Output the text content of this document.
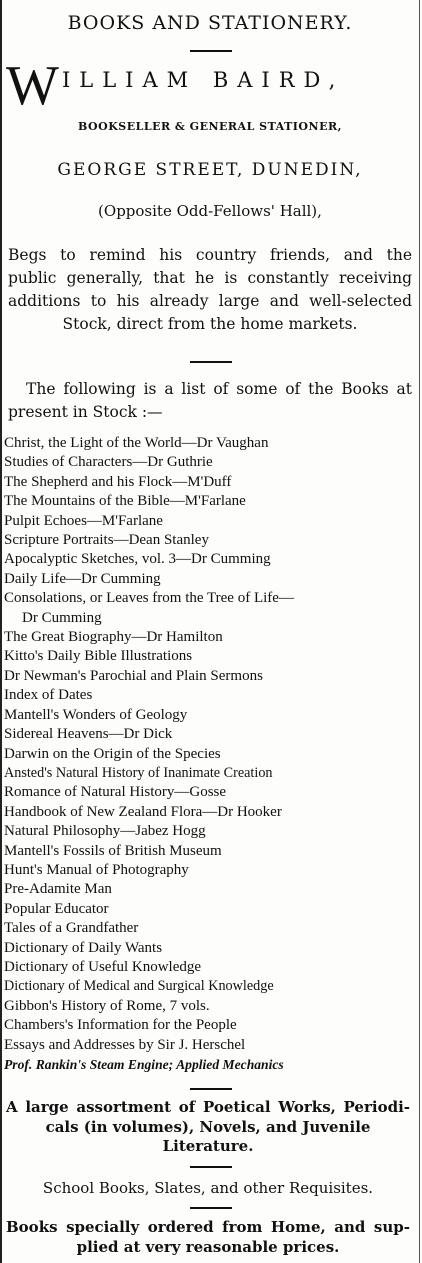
BOOKS AND STATIONERY.
W ILLIAM BAIRD,
BOOKSELLER & GENERAL STATIONER,
GEORGE STREET, DUNEDIN,
(Opposite Odd-Fellows' Hall),
Begs to remind his country friends, and the
public generally, that he is constantly receiving
additions to his already large and well-selected
Stock, direct from the home markets.
The following is a list of some of the Books at
present in Stock :—
Christ, the Light of the World—Dr Vaughan
Studies of Characters—Dr Guthrie
The Shepherd and his Flock—M'Duff
The Mountains of the Bible—M'Farlane
Pulpit Echoes—M'Farlane
Scripture Portraits—Dean Stanley
Apocalyptic Sketches, vol. 3—Dr Cumming
Daily Life—Dr Cumming
Consolations, or Leaves from the Tree of Life—
Dr Cumming
The Great Biography—Dr Hamilton
Kitto's Daily Bible Illustrations
Dr Newman's Parochial and Plain Sermons
Index of Dates
Mantell's Wonders of Geology
Sidereal Heavens—Dr Dick
Darwin on the Origin of the Species
Ansted's Natural History of Inanimate Creation
Romance of Natural History—Gosse
Handbook of New Zealand Flora—Dr Hooker
Natural Philosophy—Jabez Hogg
Mantell's Fossils of British Museum
Hunt's Manual of Photography
Pre-Adamite Man
Popular Educator
Tales of a Grandfather
Dictionary of Daily Wants
Dictionary of Useful Knowledge
Dictionary of Medical and Surgical Knowledge
Gibbon's History of Rome, 7 vols.
Chambers's Information for the People
Essays and Addresses by Sir J. Herschel
Prof. Rankin's Steam Engine; Applied Mechanics
A large assortment of Poetical Works, Periodi-
cals (in volumes), Novels, and Juvenile
Literature.
School Books, Slates, and other Requisites.
Books specially ordered from Home, and sup-
plied at very reasonable prices.
